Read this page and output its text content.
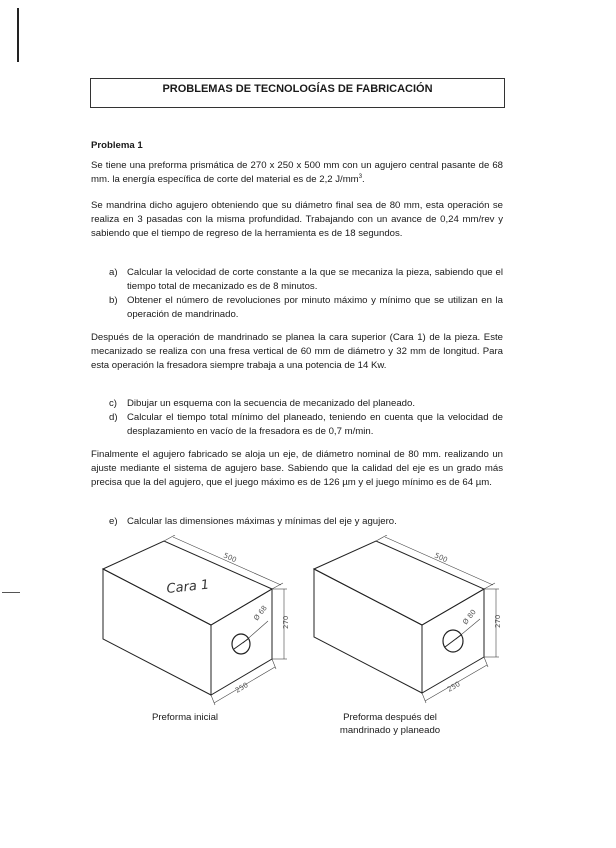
PROBLEMAS DE TECNOLOGÍAS DE FABRICACIÓN

Problema 1

Se tiene una preforma prismática de 270 x 250 x 500 mm con un agujero central pasante de 68 mm. la energía específica de corte del material es de 2,2 $J/mm^3$.

Se mandrina dicho agujero obteniendo que su diámetro final sea de 80 mm, esta operación se realiza en 3 pasadas con la misma profundidad. Trabajando con un avance de 0,24 mm/rev y sabiendo que el tiempo de regreso de la herramienta es de 18 segundos.

a) Calcular la velocidad de corte constante a la que se mecaniza la pieza, sabiendo que el tiempo total de mecanizado es de 8 minutos.
b) Obtener el número de revoluciones por minuto máximo y mínimo que se utilizan en la operación de mandrinado.

Después de la operación de mandrinado se planea la cara superior (Cara 1) de la pieza. Este mecanizado se realiza con una fresa vertical de 60 mm de diámetro y 32 mm de longitud. Para esta operación la fresadora siempre trabaja a una potencia de 14 Kw.

c)	Dibujar un esquema con la secuencia de mecanizado del planeado.
d) Calcular el tiempo total mínimo del planeado, teniendo en cuenta que la velocidad de desplazamiento en vacío de la fresadora es de 0,7 m/min.

Finalmente el agujero fabricado se aloja un eje, de diámetro nominal de 80 mm. realizando un ajuste mediante el sistema de agujero base. Sabiendo que la calidad del eje es un grado más precisa que la del agujero, que el juego máximo es de 126 µm y el juego mínimo es de 64 µm.

e) Calcular las dimensiones máximas y mínimas del eje y agujero.
Cara 1
500
Ø 68
270
250
500
Ø 80 270
250
Preforma inicial	Preforma después del
mandrinado y planeado
